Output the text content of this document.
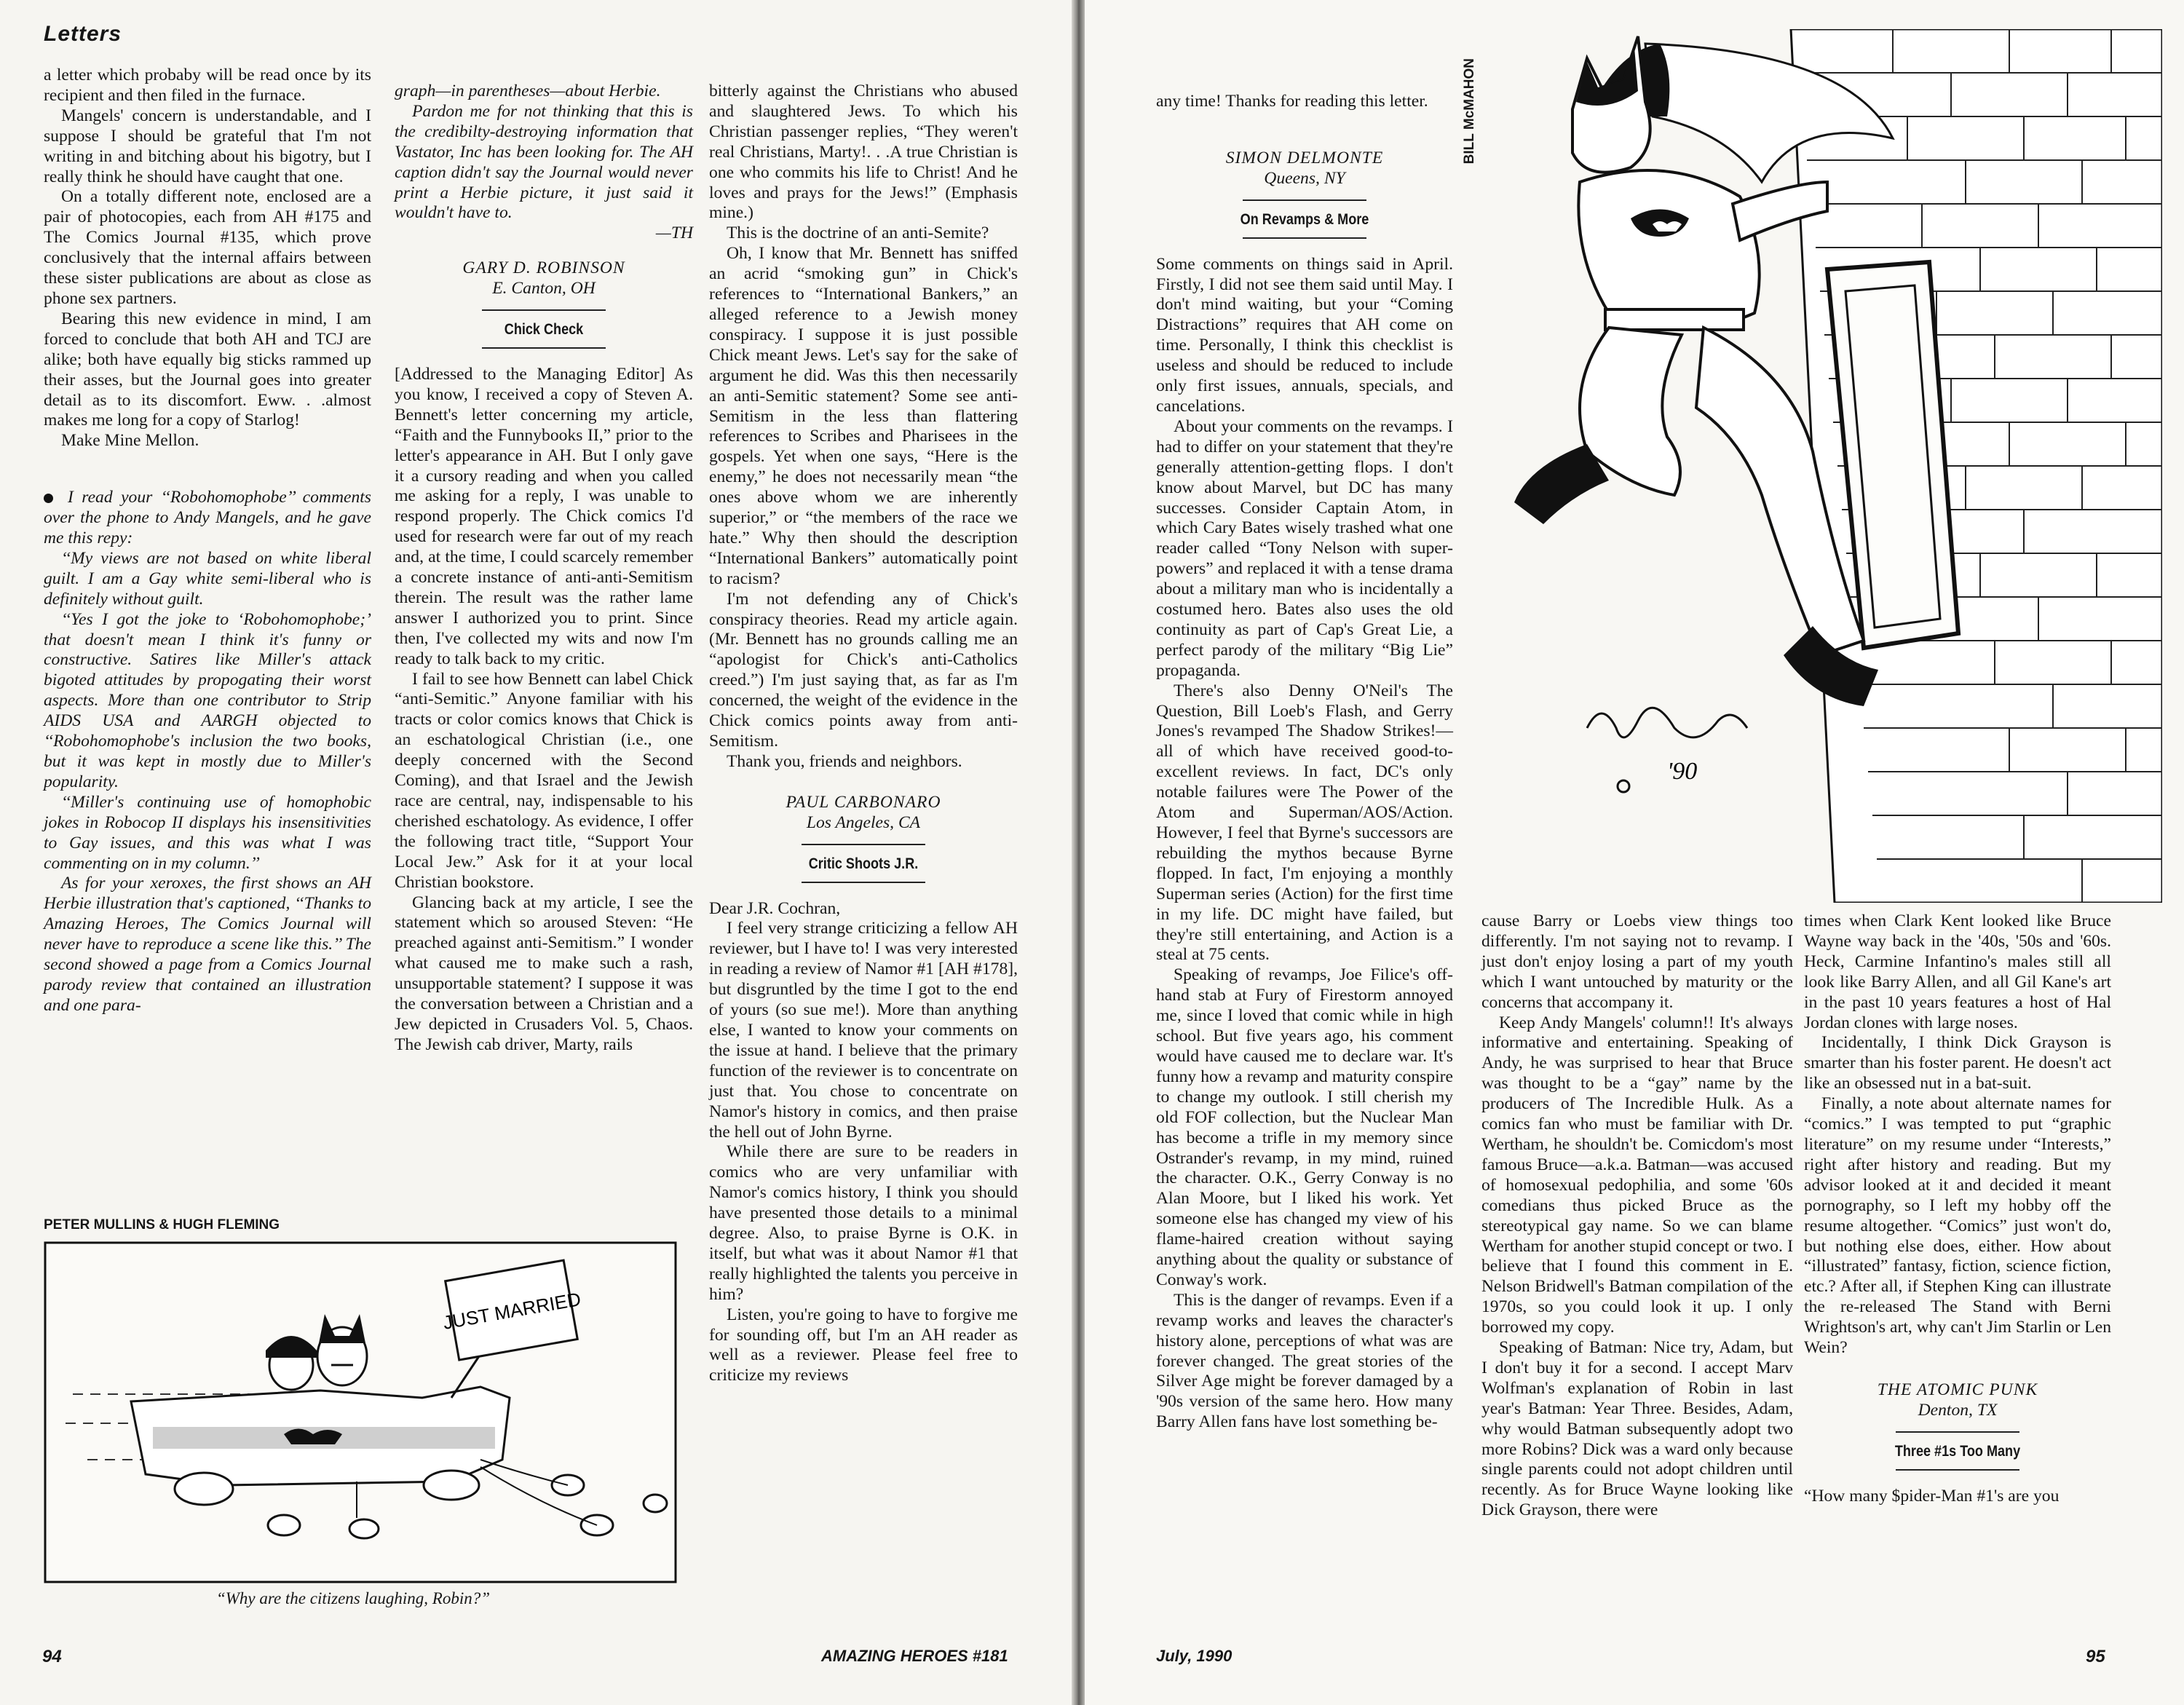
Letters

a letter which probaby will be read once by its recipient and then filed in the furnace.

Mangels' concern is understandable, and I suppose I should be grateful that I'm not writing in and bitching about his bigotry, but I really think he should have caught that one.

On a totally different note, enclosed are a pair of photocopies, each from AH #175 and The Comics Journal #135, which prove conclusively that the internal affairs between these sister publications are about as close as phone sex partners.

Bearing this new evidence in mind, I am forced to conclude that both AH and TCJ are alike; both have equally big sticks rammed up their asses, but the Journal goes into greater detail as to its discomfort. Eww. . .almost makes me long for a copy of Starlog!

Make Mine Mellon.

I read your ‘‘Robohomophobe’’ comments over the phone to Andy Mangels, and he gave me this repy:

‘‘My views are not based on white liberal guilt. I am a Gay white semi-liberal who is definitely without guilt.

‘‘Yes I got the joke to ‘Robohomophobe;’ that doesn't mean I think it's funny or constructive. Satires like Miller's attack bigoted attitudes by propogating their worst aspects. More than one contributor to Strip AIDS USA and AARGH objected to ‘‘Robohomophobe's inclusion the two books, but it was kept in mostly due to Miller's popularity.

‘‘Miller's continuing use of homophobic jokes in Robocop II displays his insensitivities to Gay issues, and this was what I was commenting on in my column.’’

As for your xeroxes, the first shows an AH Herbie illustration that's captioned, ‘‘Thanks to Amazing Heroes, The Comics Journal will never have to reproduce a scene like this.’’ The second showed a page from a Comics Journal parody review that contained an illustration and one para-

graph—in parentheses—about Herbie.

Pardon me for not thinking that this is the credibilty-destroying information that Vastator, Inc has been looking for. The AH caption didn't say the Journal would never print a Herbie picture, it just said it wouldn't have to.

—TH

GARY D. ROBINSON
E. Canton, OH
Chick Check

[Addressed to the Managing Editor] As you know, I received a copy of Steven A. Bennett's letter concerning my article, “Faith and the Funnybooks II,” prior to the letter's appearance in AH. But I only gave it a cursory reading and when you called me asking for a reply, I was unable to respond properly. The Chick comics I'd used for research were far out of my reach and, at the time, I could scarcely remember a concrete instance of anti-anti-Semitism therein. The result was the rather lame answer I authorized you to print. Since then, I've collected my wits and now I'm ready to talk back to my critic.

I fail to see how Bennett can label Chick “anti-Semitic.” Anyone familiar with his tracts or color comics knows that Chick is an eschatological Christian (i.e., one deeply concerned with the Second Coming), and that Israel and the Jewish race are central, nay, indispensable to his cherished eschatology. As evidence, I offer the following tract title, “Support Your Local Jew.” Ask for it at your local Christian bookstore.

Glancing back at my article, I see the statement which so aroused Steven: “He preached against anti-Semitism.” I wonder what caused me to make such a rash, unsupportable statement? I suppose it was the conversation between a Christian and a Jew depicted in Crusaders Vol. 5, Chaos. The Jewish cab driver, Marty, rails

bitterly against the Christians who abused and slaughtered Jews. To which his Christian passenger replies, “They weren't real Christians, Marty!. . .A true Christian is one who commits his life to Christ! And he loves and prays for the Jews!” (Emphasis mine.)

This is the doctrine of an anti-Semite?

Oh, I know that Mr. Bennett has sniffed an acrid “smoking gun” in Chick's references to “International Bankers,” an alleged reference to a Jewish money conspiracy. I suppose it is just possible Chick meant Jews. Let's say for the sake of argument he did. Was this then necessarily an anti-Semitic statement? Some see anti-Semitism in the less than flattering references to Scribes and Pharisees in the gospels. Yet when one says, “Here is the enemy,” he does not necessarily mean “the ones above whom we are inherently superior,” or “the members of the race we hate.” Why then should the description “International Bankers” automatically point to racism?

I'm not defending any of Chick's conspiracy theories. Read my article again. (Mr. Bennett has no grounds calling me an “apologist for Chick's anti-Catholics creed.”) I'm just saying that, as far as I'm concerned, the weight of the evidence in the Chick comics points away from anti-Semitism.

Thank you, friends and neighbors.

PAUL CARBONARO
Los Angeles, CA
Critic Shoots J.R.

Dear J.R. Cochran,

I feel very strange criticizing a fellow AH reviewer, but I have to! I was very interested in reading a review of Namor #1 [AH #178], but disgruntled by the time I got to the end of yours (so sue me!). More than anything else, I wanted to know your comments on the issue at hand. I believe that the primary function of the reviewer is to concentrate on just that. You chose to concentrate on Namor's history in comics, and then praise the hell out of John Byrne.

While there are sure to be readers in comics who are very unfamiliar with Namor's comics history, I think you should have presented those details to a minimal degree. Also, to praise Byrne is O.K. in itself, but what was it about Namor #1 that really highlighted the talents you perceive in him?

Listen, you're going to have to forgive me for sounding off, but I'm an AH reader as well as a reviewer. Please feel free to criticize my reviews

PETER MULLINS & HUGH FLEMING
JUST MARRIED
“Why are the citizens laughing, Robin?”
94	AMAZING HEROES #181

any time! Thanks for reading this letter.

SIMON DELMONTE
Queens, NY
On Revamps & More

Some comments on things said in April. Firstly, I did not see them said until May. I don't mind waiting, but your “Coming Distractions” requires that AH come on time. Personally, I think this checklist is useless and should be reduced to include only first issues, annuals, specials, and cancelations.

About your comments on the revamps. I had to differ on your statement that they're generally attention-getting flops. I don't know about Marvel, but DC has many successes. Consider Captain Atom, in which Cary Bates wisely trashed what one reader called “Tony Nelson with super-powers” and replaced it with a tense drama about a military man who is incidentally a costumed hero. Bates also uses the old continuity as part of Cap's Great Lie, a perfect parody of the military “Big Lie” propaganda.

There's also Denny O'Neil's The Question, Bill Loeb's Flash, and Gerry Jones's revamped The Shadow Strikes!—all of which have received good-to-excellent reviews. In fact, DC's only notable failures were The Power of the Atom and Superman/AOS/Action. However, I feel that Byrne's successors are rebuilding the mythos because Byrne flopped. In fact, I'm enjoying a monthly Superman series (Action) for the first time in my life. DC might have failed, but they're still entertaining, and Action is a steal at 75 cents.

Speaking of revamps, Joe Filice's off-hand stab at Fury of Firestorm annoyed me, since I loved that comic while in high school. But five years ago, his comment would have caused me to declare war. It's funny how a revamp and maturity conspire to change my outlook. I still cherish my old FOF collection, but the Nuclear Man has become a trifle in my memory since Ostrander's revamp, in my mind, ruined the character. O.K., Gerry Conway is no Alan Moore, but I liked his work. Yet someone else has changed my view of his flame-haired creation without saying anything about the quality or substance of Conway's work.

This is the danger of revamps. Even if a revamp works and leaves the character's history alone, perceptions of what was are forever changed. The great stories of the Silver Age might be forever damaged by a '90s version of the same hero. How many Barry Allen fans have lost something be-

BILL McMAHON
'90

cause Barry or Loebs view things too differently. I'm not saying not to revamp. I just don't enjoy losing a part of my youth which I want untouched by maturity or the concerns that accompany it.

Keep Andy Mangels' column!! It's always informative and entertaining. Speaking of Andy, he was surprised to hear that Bruce was thought to be a “gay” name by the producers of The Incredible Hulk. As a comics fan who must be familiar with Dr. Wertham, he shouldn't be. Comicdom's most famous Bruce—a.k.a. Batman—was accused of homosexual pedophilia, and some '60s comedians thus picked Bruce as the stereotypical gay name. So we can blame Wertham for another stupid concept or two. I believe that I found this comment in E. Nelson Bridwell's Batman compilation of the 1970s, so you could look it up. I only borrowed my copy.

Speaking of Batman: Nice try, Adam, but I don't buy it for a second. I accept Marv Wolfman's explanation of Robin in last year's Batman: Year Three. Besides, Adam, why would Batman subsequently adopt two more Robins? Dick was a ward only because single parents could not adopt children until recently. As for Bruce Wayne looking like Dick Grayson, there were

times when Clark Kent looked like Bruce Wayne way back in the '40s, '50s and '60s. Heck, Carmine Infantino's males still all look like Barry Allen, and all Gil Kane's art in the past 10 years features a host of Hal Jordan clones with large noses.

Incidentally, I think Dick Grayson is smarter than his foster parent. He doesn't act like an obsessed nut in a bat-suit.

Finally, a note about alternate names for “comics.” I was tempted to put “graphic literature” on my resume under “Interests,” right after history and reading. But my advisor looked at it and decided it meant pornography, so I left my hobby off the resume altogether. “Comics” just won't do, but nothing else does, either. How about “illustrated” fantasy, fiction, science fiction, etc.? After all, if Stephen King can illustrate the re-released The Stand with Berni Wrightson's art, why can't Jim Starlin or Len Wein?

THE ATOMIC PUNK
Denton, TX
Three #1s Too Many

“How many $pider-Man #1's are you

July, 1990	95
